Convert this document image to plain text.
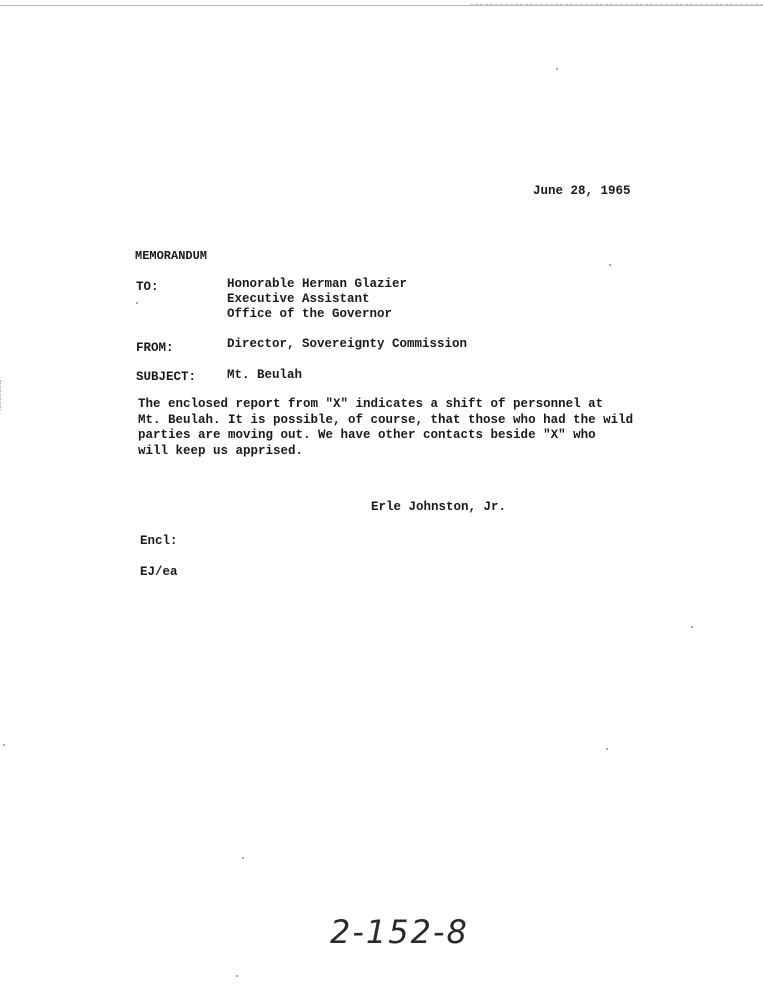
June 28, 1965
MEMORANDUM
TO:	Honorable Herman Glazier
Executive Assistant
Office of the Governor
FROM:	Director, Sovereignty Commission
SUBJECT: Mt. Beulah
The enclosed report from "X" indicates a shift of personnel at
Mt. Beulah. It is possible, of course, that those who had the wild
parties are moving out. We have other contacts beside "X" who
will keep us apprised.
Erle Johnston, Jr.
Encl:
EJ/ea
2-152-8
